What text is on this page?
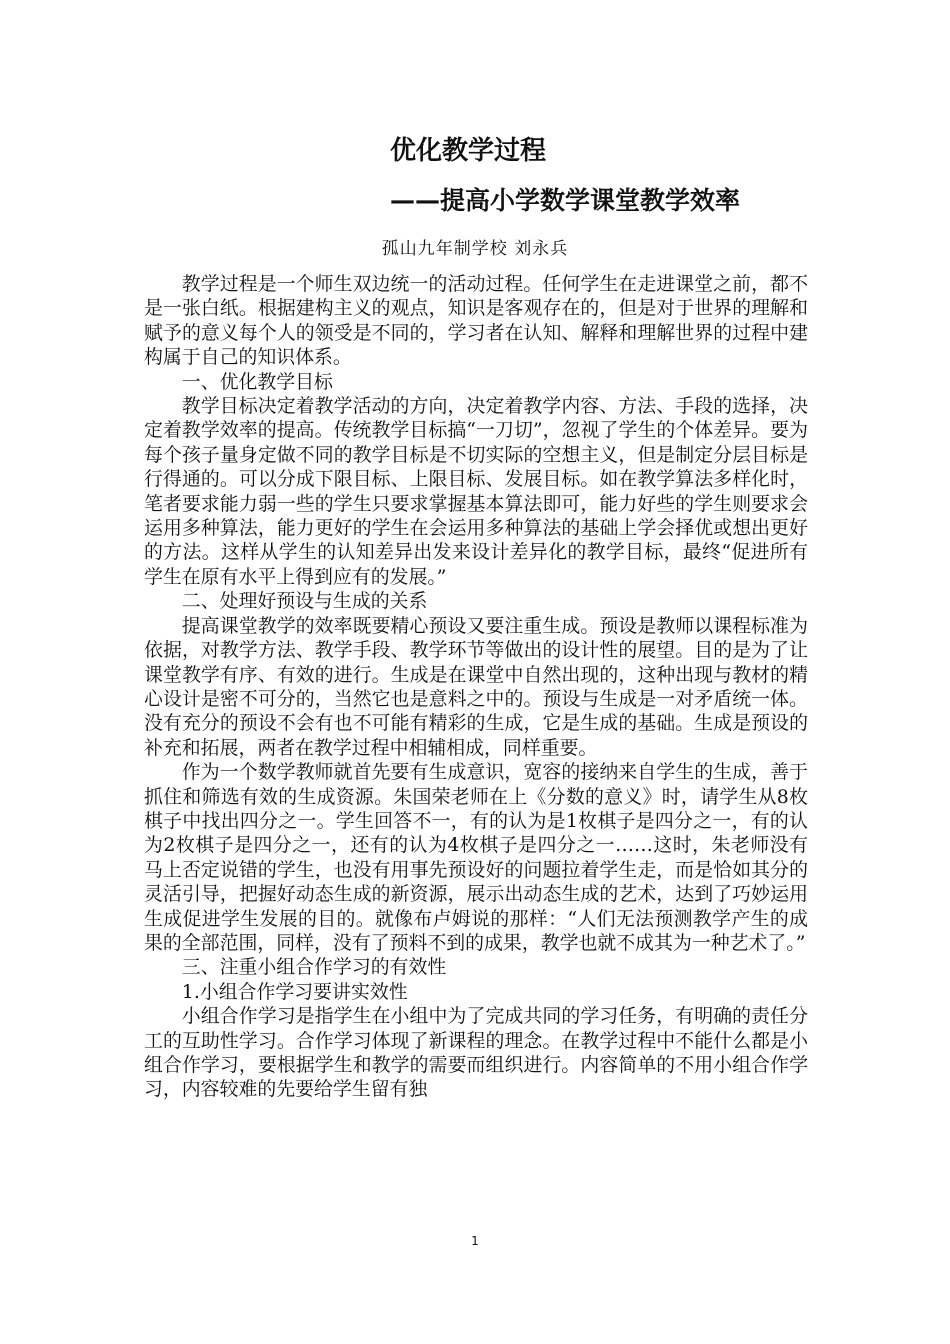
优化教学过程
——提高小学数学课堂教学效率
孤山九年制学校 刘永兵

教学过程是一个师生双边统一的活动过程。任何学生在走进课堂之前，都不是一张白纸。根据建构主义的观点，知识是客观存在的，但是对于世界的理解和赋予的意义每个人的领受是不同的，学习者在认知、解释和理解世界的过程中建构属于自己的知识体系。

一、优化教学目标

教学目标决定着教学活动的方向，决定着教学内容、方法、手段的选择，决定着教学效率的提高。传统教学目标搞“一刀切”，忽视了学生的个体差异。要为每个孩子量身定做不同的教学目标是不切实际的空想主义，但是制定分层目标是行得通的。可以分成下限目标、上限目标、发展目标。如在教学算法多样化时，笔者要求能力弱一些的学生只要求掌握基本算法即可，能力好些的学生则要求会运用多种算法，能力更好的学生在会运用多种算法的基础上学会择优或想出更好的方法。这样从学生的认知差异出发来设计差异化的教学目标，最终“促进所有学生在原有水平上得到应有的发展。”

二、处理好预设与生成的关系

提高课堂教学的效率既要精心预设又要注重生成。预设是教师以课程标准为依据，对教学方法、教学手段、教学环节等做出的设计性的展望。目的是为了让课堂教学有序、有效的进行。生成是在课堂中自然出现的，这种出现与教材的精心设计是密不可分的，当然它也是意料之中的。预设与生成是一对矛盾统一体。没有充分的预设不会有也不可能有精彩的生成，它是生成的基础。生成是预设的补充和拓展，两者在教学过程中相辅相成，同样重要。

作为一个数学教师就首先要有生成意识，宽容的接纳来自学生的生成，善于抓住和筛选有效的生成资源。朱国荣老师在上《分数的意义》时，请学生从8枚棋子中找出四分之一。学生回答不一，有的认为是1枚棋子是四分之一，有的认为2枚棋子是四分之一，还有的认为4枚棋子是四分之一……这时，朱老师没有马上否定说错的学生，也没有用事先预设好的问题拉着学生走，而是恰如其分的灵活引导，把握好动态生成的新资源，展示出动态生成的艺术，达到了巧妙运用生成促进学生发展的目的。就像布卢姆说的那样：“人们无法预测教学产生的成果的全部范围，同样，没有了预料不到的成果，教学也就不成其为一种艺术了。”

三、注重小组合作学习的有效性

1.小组合作学习要讲实效性

小组合作学习是指学生在小组中为了完成共同的学习任务，有明确的责任分工的互助性学习。合作学习体现了新课程的理念。在教学过程中不能什么都是小组合作学习，要根据学生和教学的需要而组织进行。内容简单的不用小组合作学习，内容较难的先要给学生留有独

1
